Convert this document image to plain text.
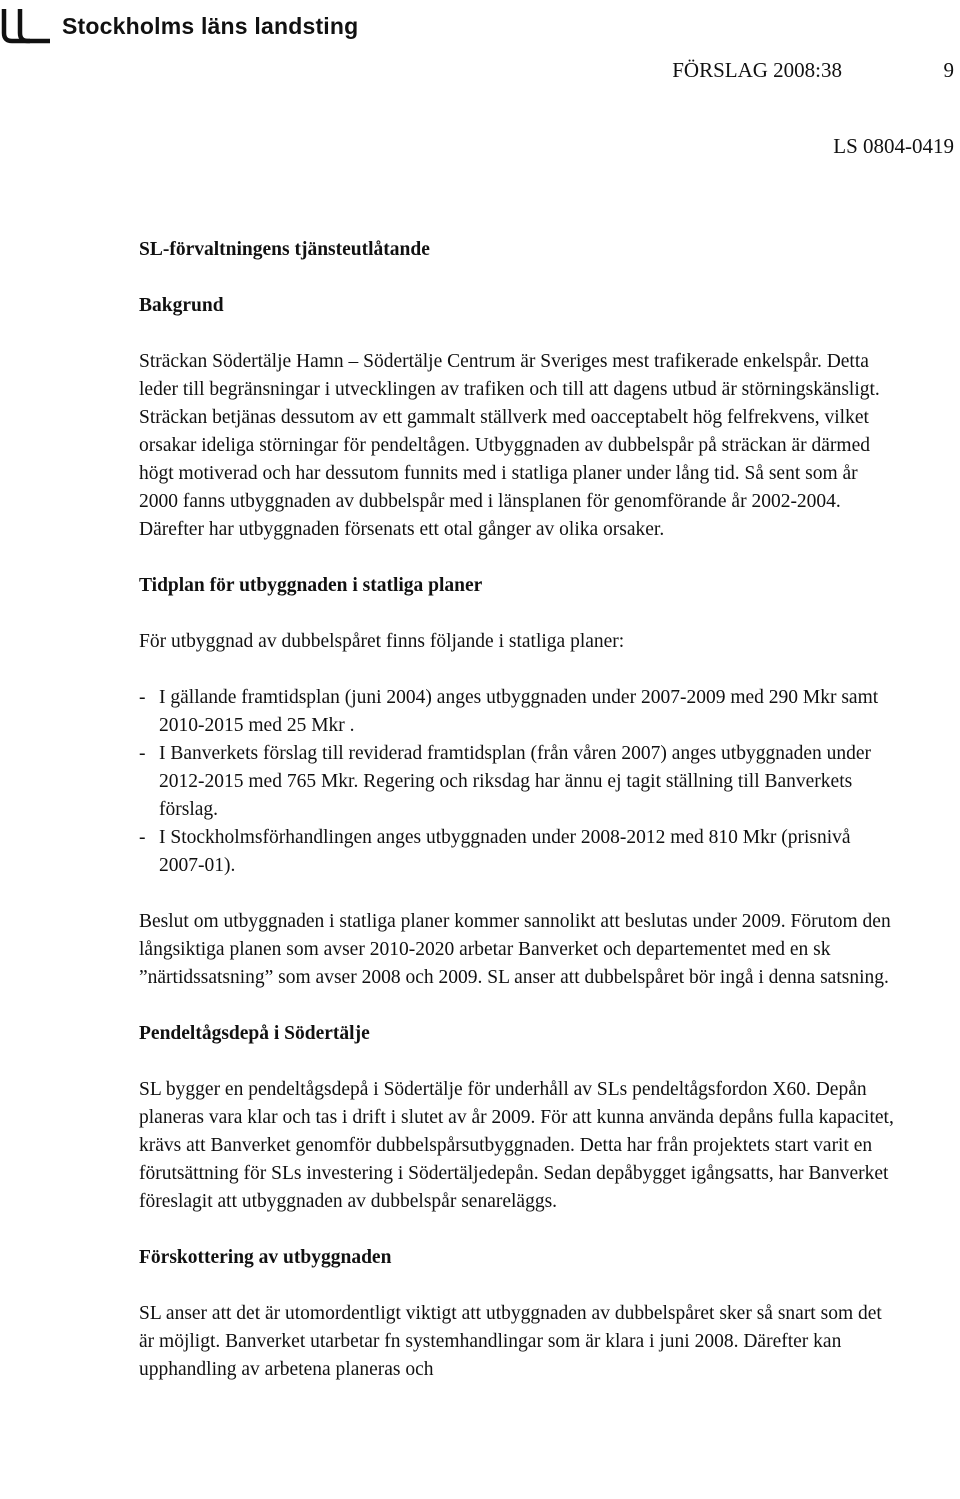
Stockholms läns landsting
FÖRSLAG 2008:38	9
LS 0804-0419
SL-förvaltningens tjänsteutlåtande
Bakgrund

Sträckan Södertälje Hamn – Södertälje Centrum är Sveriges mest trafikerade enkelspår. Detta leder till begränsningar i utvecklingen av trafiken och till att dagens utbud är störningskänsligt. Sträckan betjänas dessutom av ett gammalt ställverk med oacceptabelt hög felfrekvens, vilket orsakar ideliga störningar för pendeltågen. Utbyggnaden av dubbelspår på sträckan är därmed högt motiverad och har dessutom funnits med i statliga planer under lång tid. Så sent som år 2000 fanns utbyggnaden av dubbelspår med i länsplanen för genomförande år 2002-2004. Därefter har utbyggnaden försenats ett otal gånger av olika orsaker.

Tidplan för utbyggnaden i statliga planer

För utbyggnad av dubbelspåret finns följande i statliga planer:

- I gällande framtidsplan (juni 2004) anges utbyggnaden under 2007-2009 med 290 Mkr samt 2010-2015 med 25 Mkr .
- I Banverkets förslag till reviderad framtidsplan (från våren 2007) anges utbyggnaden under 2012-2015 med 765 Mkr. Regering och riksdag har ännu ej tagit ställning till Banverkets förslag.
- I Stockholmsförhandlingen anges utbyggnaden under 2008-2012 med 810 Mkr (prisnivå 2007-01).

Beslut om utbyggnaden i statliga planer kommer sannolikt att beslutas under 2009. Förutom den långsiktiga planen som avser 2010-2020 arbetar Banverket och departementet med en sk ”närtidssatsning” som avser 2008 och 2009. SL anser att dubbelspåret bör ingå i denna satsning.

Pendeltågsdepå i Södertälje

SL bygger en pendeltågsdepå i Södertälje för underhåll av SLs pendeltågsfordon X60. Depån planeras vara klar och tas i drift i slutet av år 2009. För att kunna använda depåns fulla kapacitet, krävs att Banverket genomför dubbelspårsutbyggnaden. Detta har från projektets start varit en förutsättning för SLs investering i Södertäljedepån. Sedan depåbygget igångsatts, har Banverket föreslagit att utbyggnaden av dubbelspår senareläggs.

Förskottering av utbyggnaden

SL anser att det är utomordentligt viktigt att utbyggnaden av dubbelspåret sker så snart som det är möjligt. Banverket utarbetar fn systemhandlingar som är klara i juni 2008. Därefter kan upphandling av arbetena planeras och
